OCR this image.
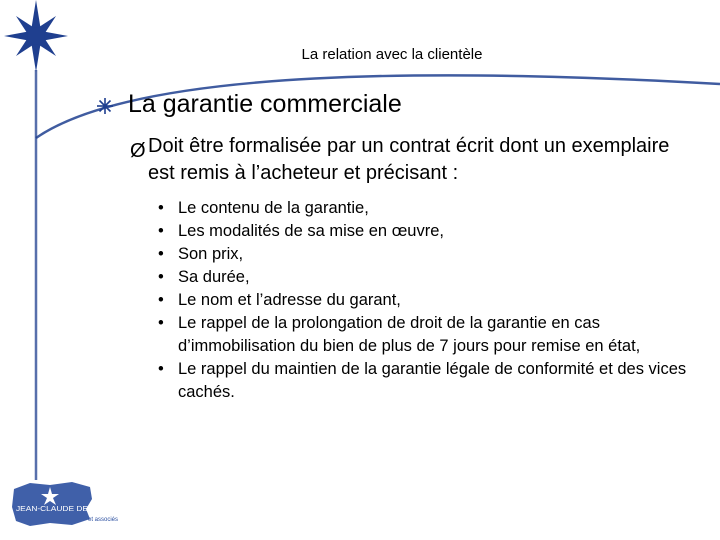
La relation avec la clientèle
La garantie commerciale
Ø Doit être formalisée par un contrat écrit dont un exemplaire est remis à l’acheteur et précisant :
• Le contenu de la garantie,
• Les modalités de sa mise en œuvre,
• Son prix,
• Sa durée,
• Le nom et l’adresse du garant,
• Le rappel de la prolongation de droit de la garantie en cas d’immobilisation du bien de plus de 7 jours pour remise en état,
• Le rappel du maintien de la garantie légale de conformité et des vices cachés.
JEAN-CLAUDE DE COULON
et associés
